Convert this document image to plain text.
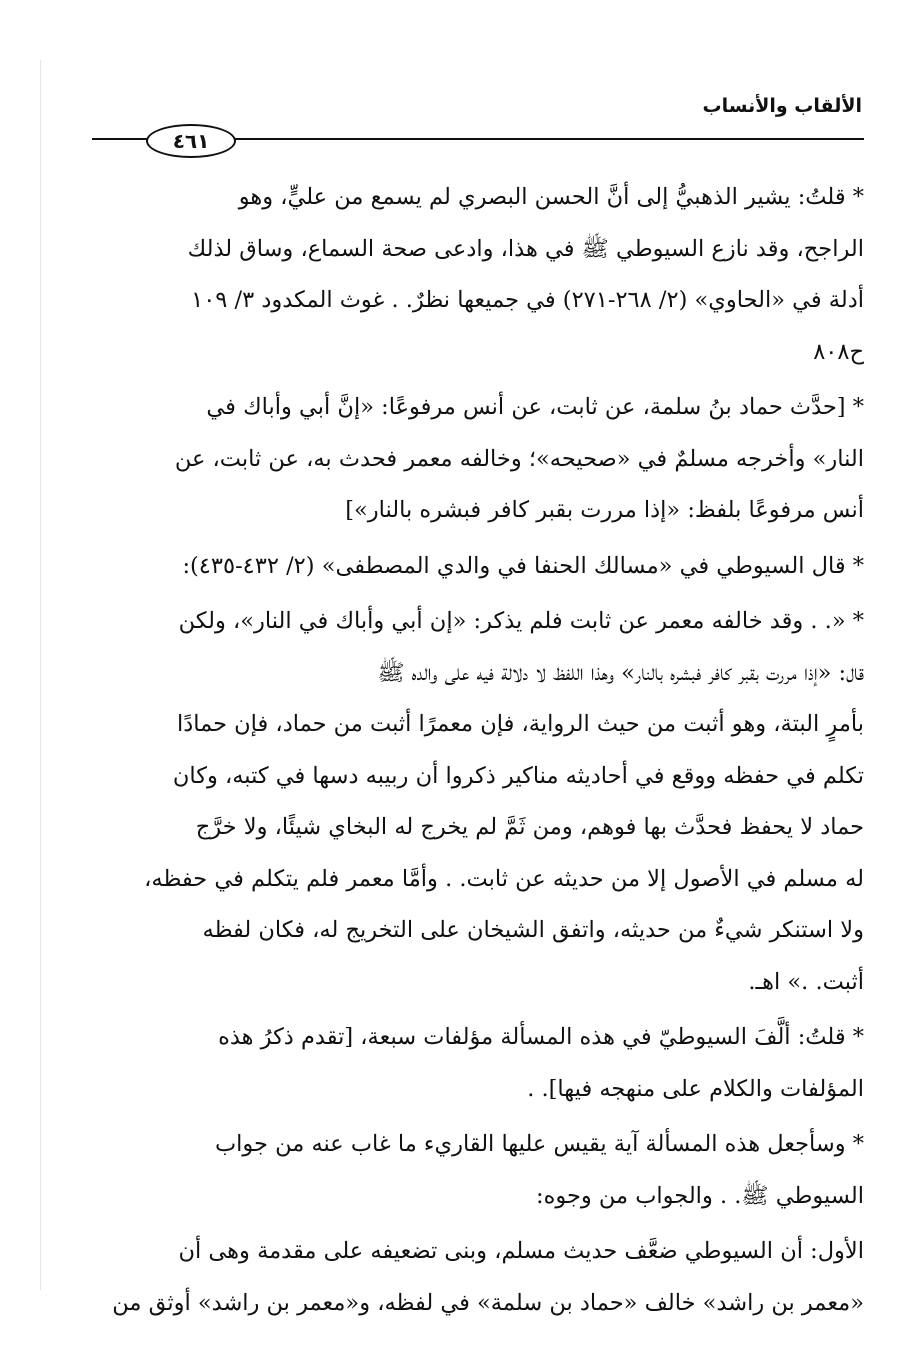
الألقاب والأنساب
٤٦١
* قلتُ: يشير الذهبيُّ إلى أنَّ الحسن البصري لم يسمع من عليٍّ، وهو
الراجح، وقد نازع السيوطي ﷺ في هذا، وادعى صحة السماع، وساق لذلك
أدلة في «الحاوي» (٢/ ٢٦٨-٢٧١) في جميعها نظرٌ. . غوث المكدود ٣/ ١٠٩
ح٨٠٨
* [حدَّث حماد بنُ سلمة، عن ثابت، عن أنس مرفوعًا: «إنَّ أبي وأباك في
النار» وأخرجه مسلمٌ في «صحيحه»؛ وخالفه معمر فحدث به، عن ثابت، عن
أنس مرفوعًا بلفظ: «إذا مررت بقبر كافر فبشره بالنار»]
* قال السيوطي في «مسالك الحنفا في والدي المصطفى» (٢/ ٤٣٢-٤٣٥):
* «. . وقد خالفه معمر عن ثابت فلم يذكر: «إن أبي وأباك في النار»، ولكن
قال: «إذا مررت بقبر كافر فبشره بالنار» وهذا اللفظ لا دلالة فيه على والده ﷺ
بأمرٍ البتة، وهو أثبت من حيث الرواية، فإن معمرًا أثبت من حماد، فإن حمادًا
تكلم في حفظه ووقع في أحاديثه مناكير ذكروا أن ربيبه دسها في كتبه، وكان
حماد لا يحفظ فحدَّث بها فوهم، ومن ثَمَّ لم يخرج له البخاي شيئًا، ولا خرَّج
له مسلم في الأصول إلا من حديثه عن ثابت. . وأمَّا معمر فلم يتكلم في حفظه،
ولا استنكر شيءٌ من حديثه، واتفق الشيخان على التخريج له، فكان لفظه
أثبت. .» اهـ.
* قلتُ: ألَّفَ السيوطيّ في هذه المسألة مؤلفات سبعة، [تقدم ذكرُ هذه
المؤلفات والكلام على منهجه فيها]. .
* وسأجعل هذه المسألة آية يقيس عليها القاريء ما غاب عنه من جواب
السيوطي ﷺ. . والجواب من وجوه:
الأول: أن السيوطي ضعَّف حديث مسلم، وبنى تضعيفه على مقدمة وهى أن
«معمر بن راشد» خالف «حماد بن سلمة» في لفظه، و«معمر بن راشد» أوثق من
